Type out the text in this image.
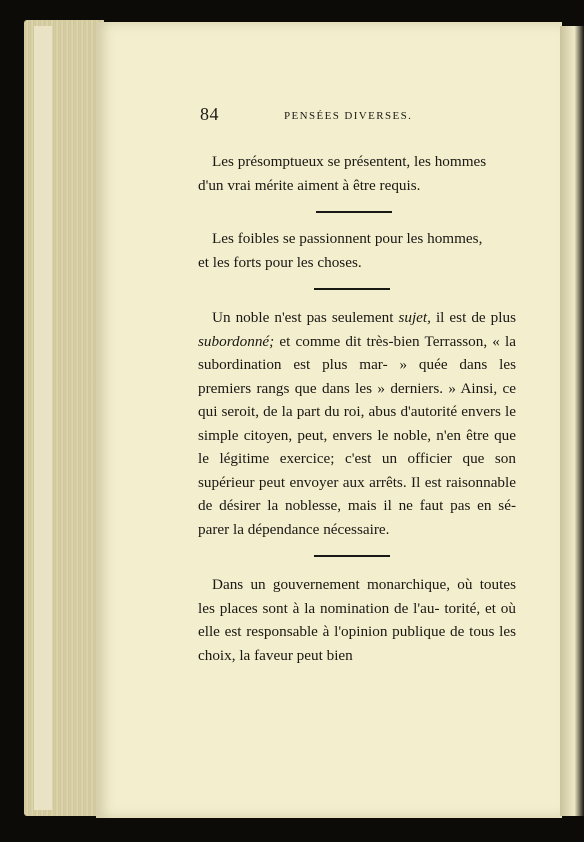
84	PENSÉES DIVERSES.

Les présomptueux se présentent, les hommes

d'un vrai mérite aiment à être requis.

Les foibles se passionnent pour les hommes,

et les forts pour les choses.

Un noble n'est pas seulement sujet, il est de plus subordonné; et comme dit très-bien Terrasson, « la subordination est plus mar- » quée dans les premiers rangs que dans les » derniers. » Ainsi, ce qui seroit, de la part du roi, abus d'autorité envers le simple citoyen, peut, envers le noble, n'en être que le légitime exercice; c'est un officier que son supérieur peut envoyer aux arrêts. Il est raisonnable de désirer la noblesse, mais il ne faut pas en sé- parer la dépendance nécessaire.

Dans un gouvernement monarchique, où toutes les places sont à la nomination de l'au- torité, et où elle est responsable à l'opinion publique de tous les choix, la faveur peut bien
